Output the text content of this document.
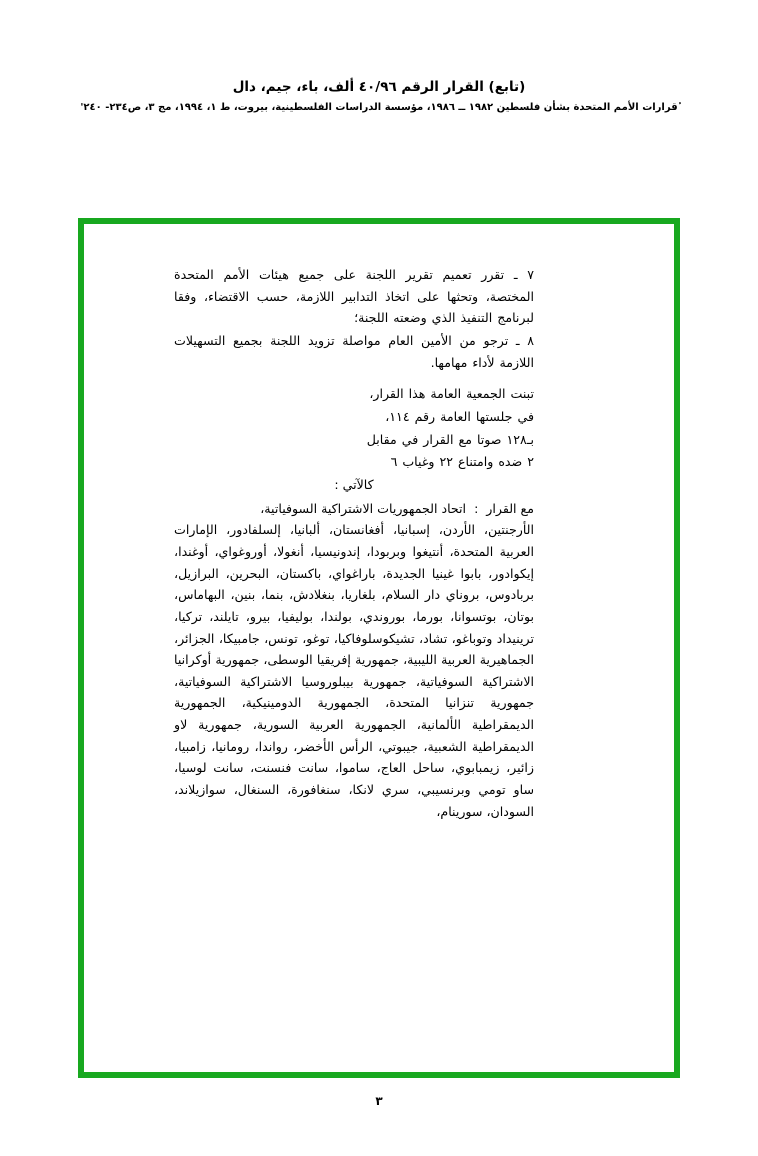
(تابع) القرار الرقم ٤٠/٩٦ ألف، باء، جيم، دال
ٔقرارات الأمم المتحدة بشأن فلسطين ١٩٨٢ ــ ١٩٨٦، مؤسسة الدراسات الفلسطينية، بيروت، ط ١، ١٩٩٤، مج ٣، ص٢٣٤- ٢٤٠'

٧ ـ تقرر تعميم تقرير اللجنة على جميع هيئات الأمم المتحدة المختصة، وتحثها على اتخاذ التدابير اللازمة، حسب الاقتضاء، وفقا لبرنامج التنفيذ الذي وضعته اللجنة؛

٨ ـ ترجو من الأمين العام مواصلة تزويد اللجنة بجميع التسهيلات اللازمة لأداء مهامها.

تبنت الجمعية العامة هذا القرار،

في جلستها العامة رقم ١١٤،

بـ١٢٨ صوتا مع القرار في مقابل

٢ ضده وامتناع ٢٢ وغياب ٦

كالآتي :

مع القرار  :  اتحاد الجمهوريات الاشتراكية السوفياتية،

الأرجنتين، الأردن، إسبانيا، أفغانستان، ألبانيا، إلسلفادور، الإمارات العربية المتحدة، أنتيغوا وبربودا، إندونيسيا، أنغولا، أوروغواي، أوغندا، إيكوادور، بابوا غينيا الجديدة، باراغواي، باكستان، البحرين، البرازيل، بربادوس، بروناي دار السلام، بلغاريا، بنغلادش، بنما، بنين، البهاماس، بوتان، بوتسوانا، بورما، بوروندي، بولندا، بوليفيا، بيرو، تايلند، تركيا، ترينيداد وتوباغو، تشاد، تشيكوسلوفاكيا، توغو، تونس، جامبيكا، الجزائر، الجماهيرية العربية الليبية، جمهورية إفريقيا الوسطى، جمهورية أوكرانيا الاشتراكية السوفياتية، جمهورية بيبلوروسيا الاشتراكية السوفياتية، جمهورية تنزانيا المتحدة، الجمهورية الدومينيكية، الجمهورية الديمقراطية الألمانية، الجمهورية العربية السورية، جمهورية لاو الديمقراطية الشعبية، جيبوتي، الرأس الأخضر، رواندا، رومانيا، زامبيا، زائير، زيمبابوي، ساحل العاج، ساموا، سانت فنسنت، سانت لوسيا، ساو تومي وبرنسيبي، سري لانكا، سنغافورة، السنغال، سوازيلاند، السودان، سورينام،

٣
